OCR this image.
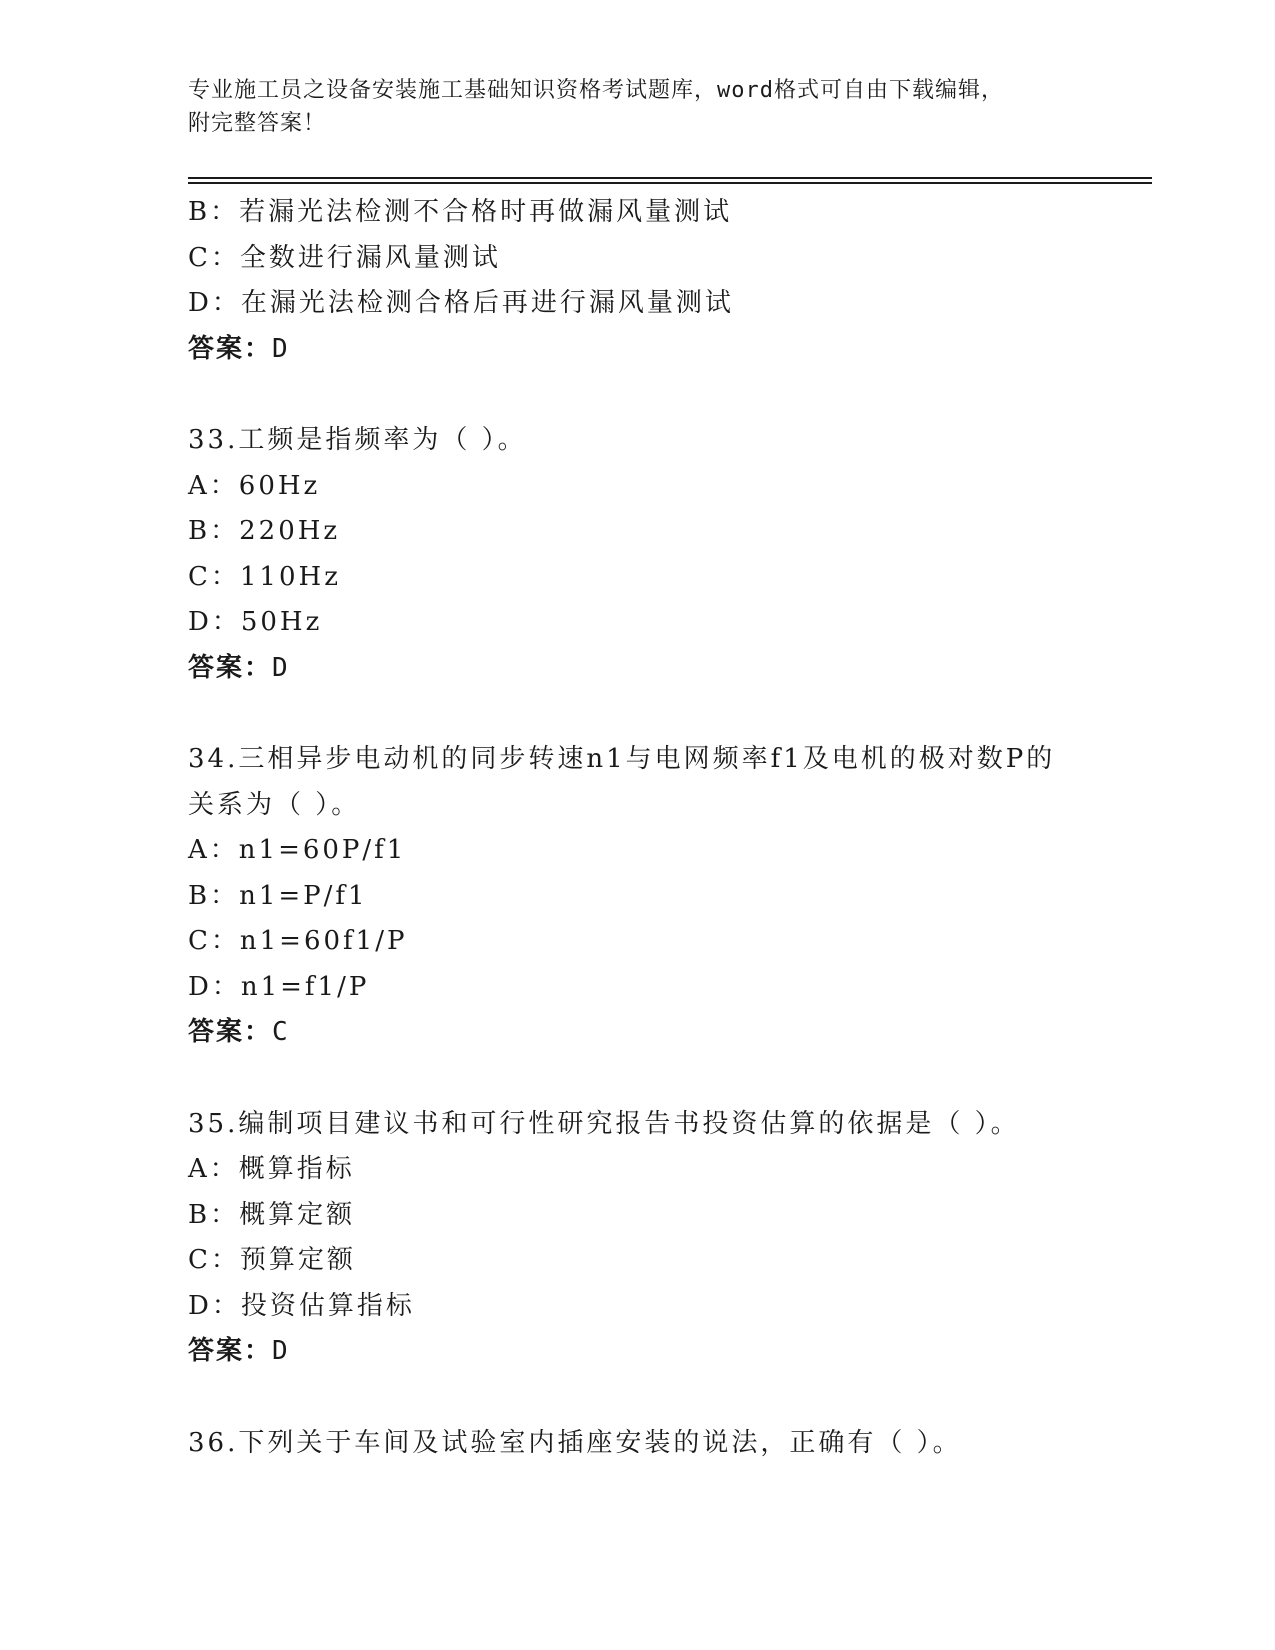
专业施工员之设备安装施工基础知识资格考试题库，word格式可自由下载编辑，
附完整答案！
B：若漏光法检测不合格时再做漏风量测试
C：全数进行漏风量测试
D：在漏光法检测合格后再进行漏风量测试
答案：D
33.工频是指频率为（ ）。
A：60Hz
B：220Hz
C：110Hz
D：50Hz
答案：D
34.三相异步电动机的同步转速n1与电网频率f1及电机的极对数P的
关系为（ ）。
A：n1=60P/f1
B：n1=P/f1
C：n1=60f1/P
D：n1=f1/P
答案：C
35.编制项目建议书和可行性研究报告书投资估算的依据是（ ）。
A：概算指标
B：概算定额
C：预算定额
D：投资估算指标
答案：D
36.下列关于车间及试验室内插座安装的说法，正确有（ ）。
